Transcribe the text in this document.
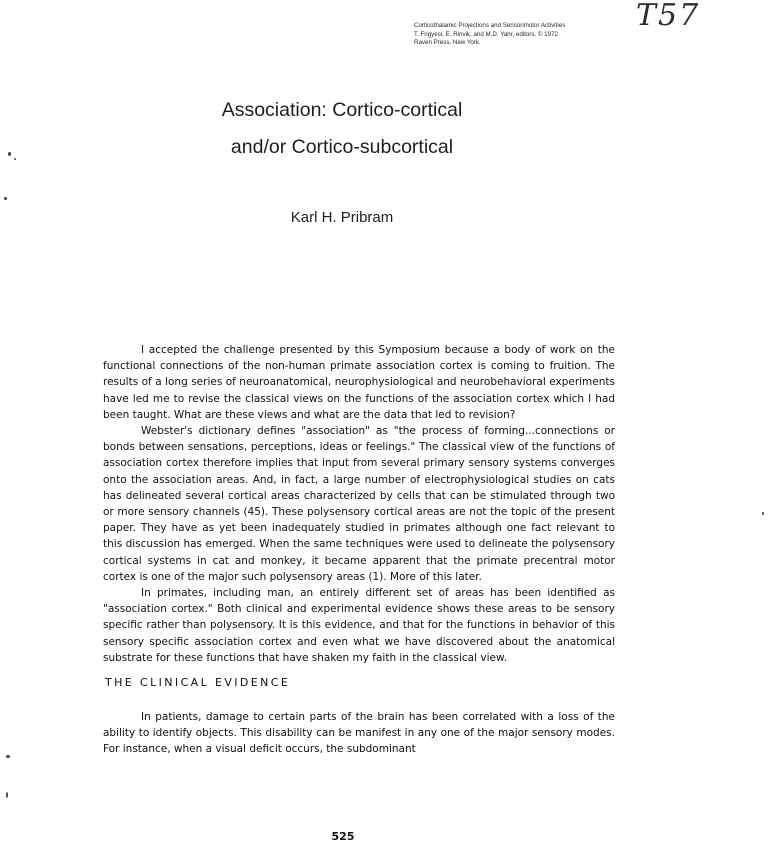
Corticothalamic Projections and Sensorimotor Activities
T. Frigyesi, E. Rinvik, and M.D. Yahr, editors. © 1972
Raven Press, New York.
T57
Association: Cortico-cortical
and/or Cortico-subcortical
Karl H. Pribram

I accepted the challenge presented by this Symposium because a body of work on the functional connections of the non-human primate association cortex is coming to fruition. The results of a long series of neuroanatomical, neurophysiological and neurobehavioral experiments have led me to revise the classical views on the functions of the association cortex which I had been taught. What are these views and what are the data that led to revision?

Webster's dictionary defines "association" as "the process of forming...connections or bonds between sensations, perceptions, ideas or feelings." The classical view of the functions of association cortex therefore implies that input from several primary sensory systems converges onto the association areas. And, in fact, a large number of electrophysiological studies on cats has delineated several cortical areas characterized by cells that can be stimulated through two or more sensory channels (45). These polysensory cortical areas are not the topic of the present paper. They have as yet been inadequately studied in primates although one fact relevant to this discussion has emerged. When the same techniques were used to delineate the polysensory cortical systems in cat and monkey, it became apparent that the primate precentral motor cortex is one of the major such polysensory areas (1). More of this later.

In primates, including man, an entirely different set of areas has been identified as "association cortex." Both clinical and experimental evidence shows these areas to be sensory specific rather than polysensory. It is this evidence, and that for the functions in behavior of this sensory specific association cortex and even what we have discovered about the anatomical substrate for these functions that have shaken my faith in the classical view.

THE CLINICAL EVIDENCE

In patients, damage to certain parts of the brain has been correlated with a loss of the ability to identify objects. This disability can be manifest in any one of the major sensory modes. For instance, when a visual deficit occurs, the subdominant

525
